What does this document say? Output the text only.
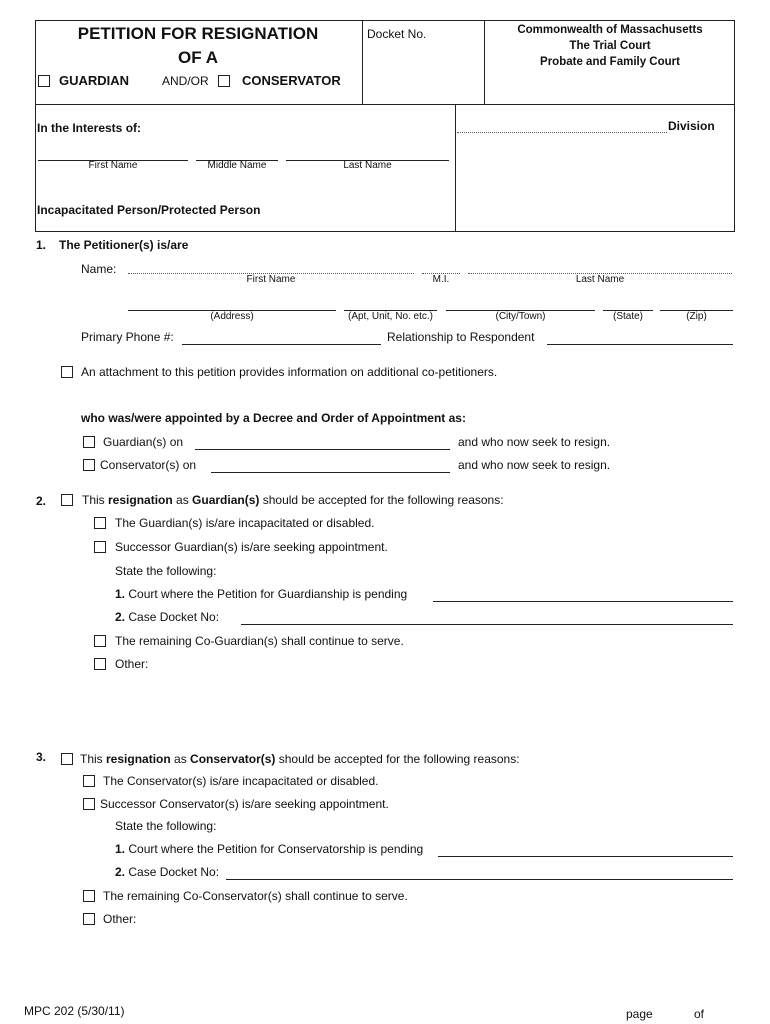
PETITION FOR RESIGNATION
OF A
GUARDIAN	AND/OR	CONSERVATOR
Docket No.	Commonwealth of Massachusetts
The Trial Court
Probate and Family Court
In the Interests of:	Division
First Name	Middle Name	Last Name
Incapacitated Person/Protected Person
1. The Petitioner(s) is/are
Name:
First Name	M.I.	Last Name
(Address)	(Apt, Unit, No. etc.)	(City/Town)	(State)	(Zip)
Primary Phone #:	Relationship to Respondent
An attachment to this petition provides information on additional co-petitioners.
who was/were appointed by a Decree and Order of Appointment as:
Guardian(s) on	and who now seek to resign.
Conservator(s) on	and who now seek to resign.
2.	This resignation as Guardian(s) should be accepted for the following reasons:
The Guardian(s) is/are incapacitated or disabled.
Successor Guardian(s) is/are seeking appointment.
State the following:
1. Court where the Petition for Guardianship is pending
2. Case Docket No:
The remaining Co-Guardian(s) shall continue to serve.
Other:
3.	This resignation as Conservator(s) should be accepted for the following reasons:
The Conservator(s) is/are incapacitated or disabled.
Successor Conservator(s) is/are seeking appointment.
State the following:
1. Court where the Petition for Conservatorship is pending
2. Case Docket No:
The remaining Co-Conservator(s) shall continue to serve.
Other:
MPC 202 (5/30/11)	page	of
